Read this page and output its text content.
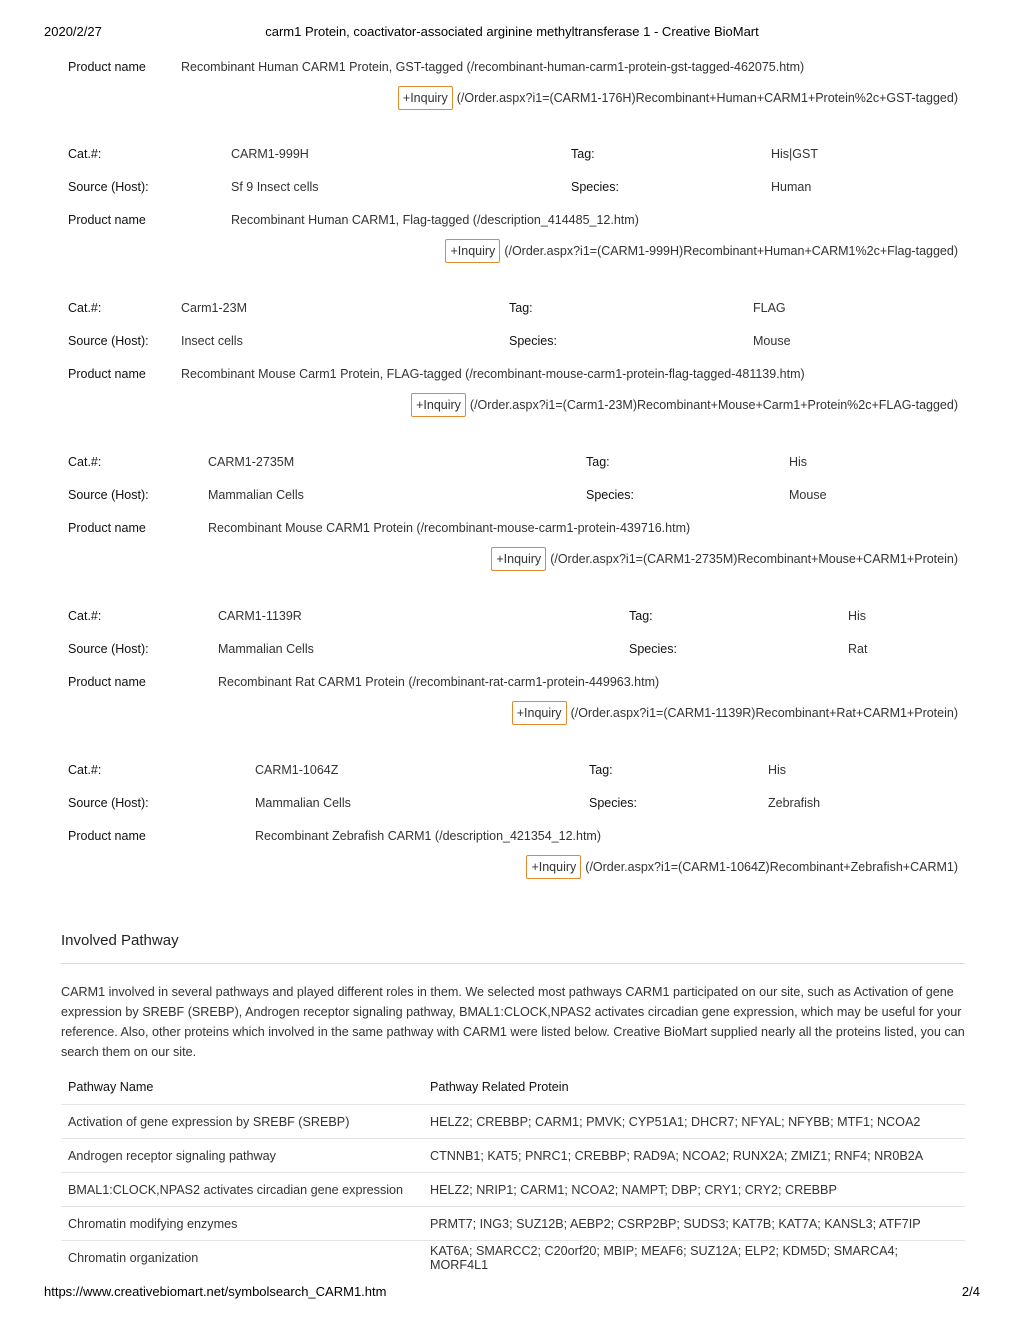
2020/2/27	carm1 Protein, coactivator-associated arginine methyltransferase 1 - Creative BioMart
Product name	Recombinant Human CARM1 Protein, GST-tagged (/recombinant-human-carm1-protein-gst-tagged-462075.htm)
+Inquiry (/Order.aspx?i1=(CARM1-176H)Recombinant+Human+CARM1+Protein%2c+GST-tagged)
Cat.#:	CARM1-999H	Tag:	His|GST
Source (Host):	Sf 9 Insect cells	Species:	Human
Product name	Recombinant Human CARM1, Flag-tagged (/description_414485_12.htm)
+Inquiry (/Order.aspx?i1=(CARM1-999H)Recombinant+Human+CARM1%2c+Flag-tagged)
Cat.#:	Carm1-23M	Tag:	FLAG
Source (Host):	Insect cells	Species:	Mouse
Product name	Recombinant Mouse Carm1 Protein, FLAG-tagged (/recombinant-mouse-carm1-protein-flag-tagged-481139.htm)
+Inquiry (/Order.aspx?i1=(Carm1-23M)Recombinant+Mouse+Carm1+Protein%2c+FLAG-tagged)
Cat.#:	CARM1-2735M	Tag:	His
Source (Host):	Mammalian Cells	Species:	Mouse
Product name	Recombinant Mouse CARM1 Protein (/recombinant-mouse-carm1-protein-439716.htm)
+Inquiry (/Order.aspx?i1=(CARM1-2735M)Recombinant+Mouse+CARM1+Protein)
Cat.#:	CARM1-1139R	Tag:	His
Source (Host):	Mammalian Cells	Species:	Rat
Product name	Recombinant Rat CARM1 Protein (/recombinant-rat-carm1-protein-449963.htm)
+Inquiry (/Order.aspx?i1=(CARM1-1139R)Recombinant+Rat+CARM1+Protein)
Cat.#:	CARM1-1064Z	Tag:	His
Source (Host):	Mammalian Cells	Species:	Zebrafish
Product name	Recombinant Zebrafish CARM1 (/description_421354_12.htm)
+Inquiry (/Order.aspx?i1=(CARM1-1064Z)Recombinant+Zebrafish+CARM1)
Involved Pathway
CARM1 involved in several pathways and played different roles in them. We selected most pathways CARM1 participated on our site, such as Activation of gene expression by SREBF (SREBP), Androgen receptor signaling pathway, BMAL1:CLOCK,NPAS2 activates circadian gene expression, which may be useful for your reference. Also, other proteins which involved in the same pathway with CARM1 were listed below. Creative BioMart supplied nearly all the proteins listed, you can search them on our site.
Pathway Name	Pathway Related Protein
Activation of gene expression by SREBF (SREBP)	HELZ2; CREBBP; CARM1; PMVK; CYP51A1; DHCR7; NFYAL; NFYBB; MTF1; NCOA2
Androgen receptor signaling pathway	CTNNB1; KAT5; PNRC1; CREBBP; RAD9A; NCOA2; RUNX2A; ZMIZ1; RNF4; NR0B2A
BMAL1:CLOCK,NPAS2 activates circadian gene expression	HELZ2; NRIP1; CARM1; NCOA2; NAMPT; DBP; CRY1; CRY2; CREBBP
Chromatin modifying enzymes	PRMT7; ING3; SUZ12B; AEBP2; CSRP2BP; SUDS3; KAT7B; KAT7A; KANSL3; ATF7IP
Chromatin organization	KAT6A; SMARCC2; C20orf20; MBIP; MEAF6; SUZ12A; ELP2; KDM5D; SMARCA4; MORF4L1
https://www.creativebiomart.net/symbolsearch_CARM1.htm	2/4
